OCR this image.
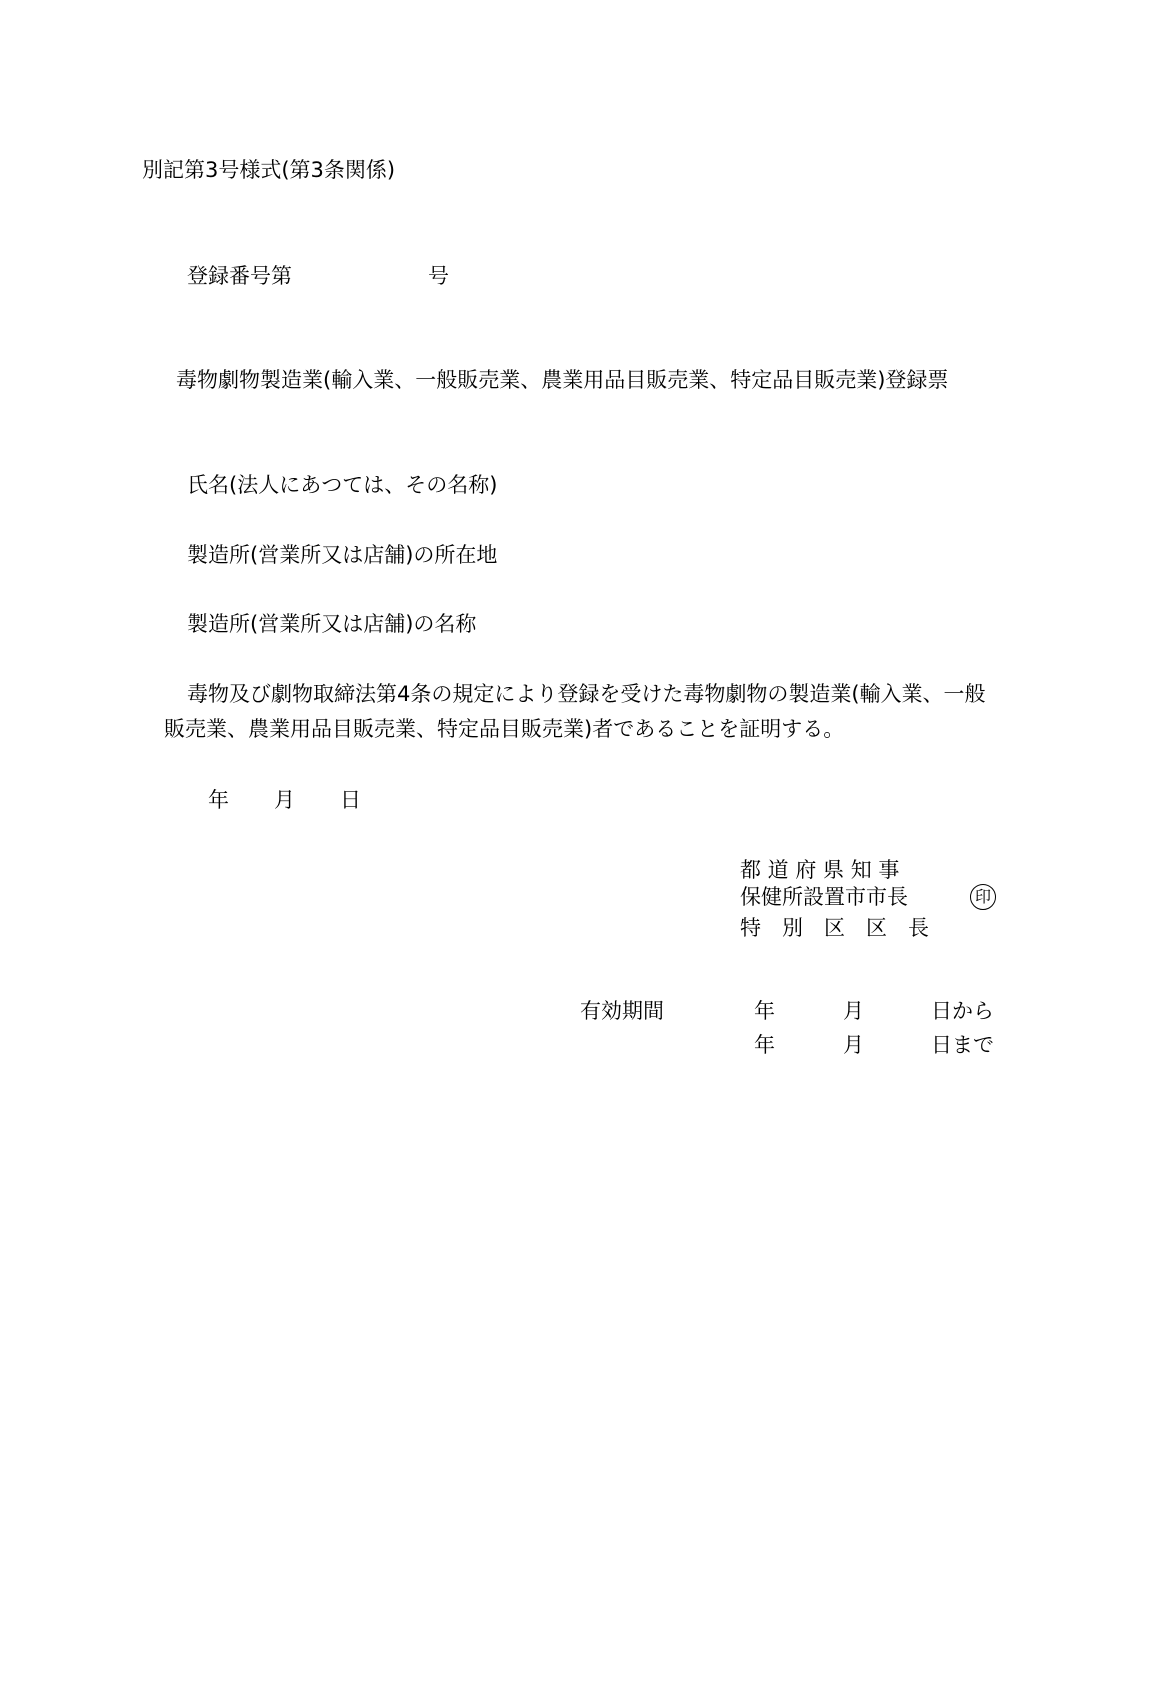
別記第3号様式(第3条関係)
登録番号第	号
毒物劇物製造業(輸入業、一般販売業、農業用品目販売業、特定品目販売業)登録票
氏名(法人にあつては、その名称)
製造所(営業所又は店舗)の所在地
製造所(営業所又は店舗)の名称
毒物及び劇物取締法第4条の規定により登録を受けた毒物劇物の製造業(輸入業、一般
販売業、農業用品目販売業、特定品目販売業)者であることを証明する。
年 月 日
都 道 府 県 知 事
保健所設置市市長
特　別　区　区　長
印
有効期間	年	月	日から
年	月	日まで
